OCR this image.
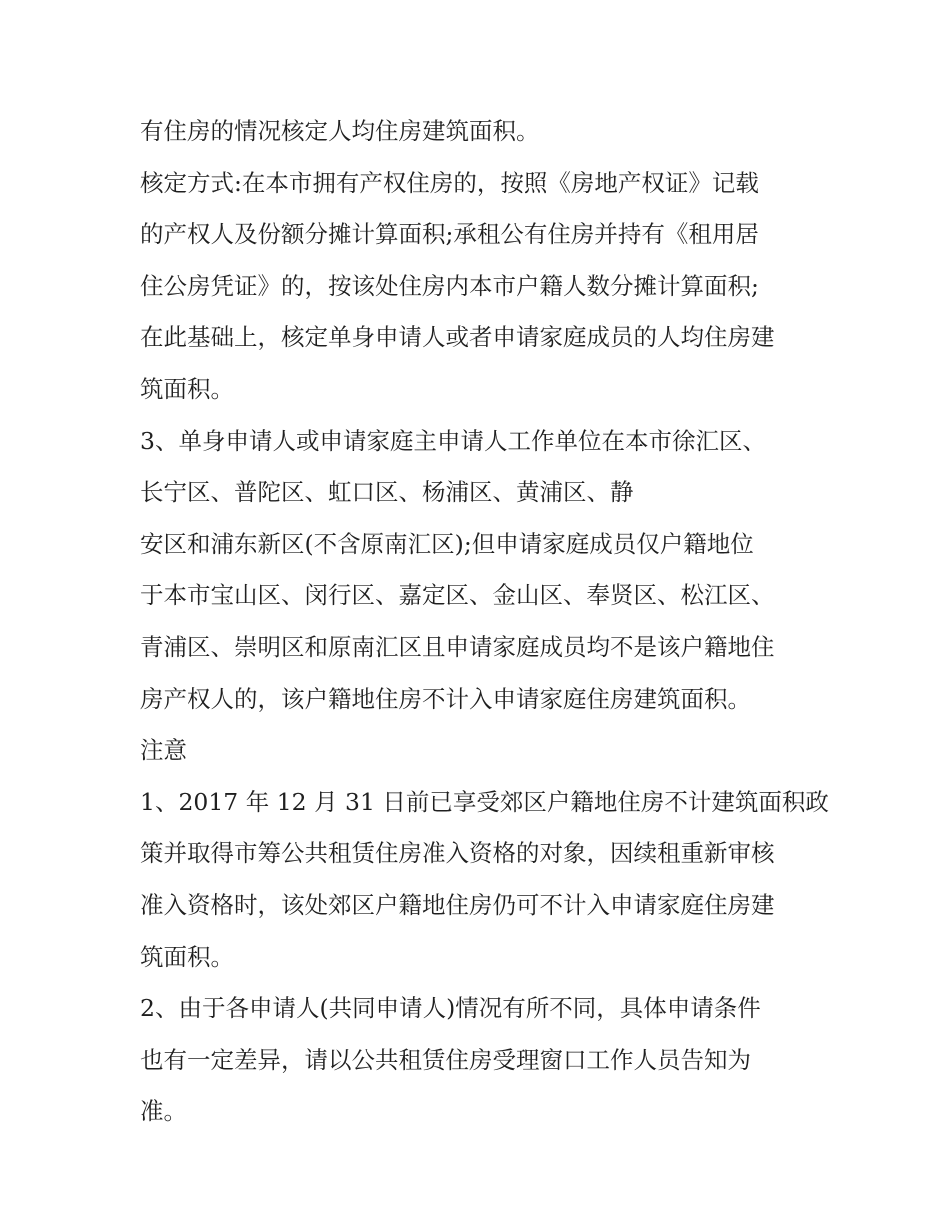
有住房的情况核定人均住房建筑面积。
核定方式:在本市拥有产权住房的，按照《房地产权证》记载
的产权人及份额分摊计算面积;承租公有住房并持有《租用居
住公房凭证》的，按该处住房内本市户籍人数分摊计算面积;
在此基础上，核定单身申请人或者申请家庭成员的人均住房建
筑面积。
3、单身申请人或申请家庭主申请人工作单位在本市徐汇区、
长宁区、普陀区、虹口区、杨浦区、黄浦区、静
安区和浦东新区(不含原南汇区);但申请家庭成员仅户籍地位
于本市宝山区、闵行区、嘉定区、金山区、奉贤区、松江区、
青浦区、崇明区和原南汇区且申请家庭成员均不是该户籍地住
房产权人的，该户籍地住房不计入申请家庭住房建筑面积。
注意
1、2017 年 12 月 31 日前已享受郊区户籍地住房不计建筑面积政
策并取得市筹公共租赁住房准入资格的对象，因续租重新审核
准入资格时，该处郊区户籍地住房仍可不计入申请家庭住房建
筑面积。
2、由于各申请人(共同申请人)情况有所不同，具体申请条件
也有一定差异，请以公共租赁住房受理窗口工作人员告知为
准。
